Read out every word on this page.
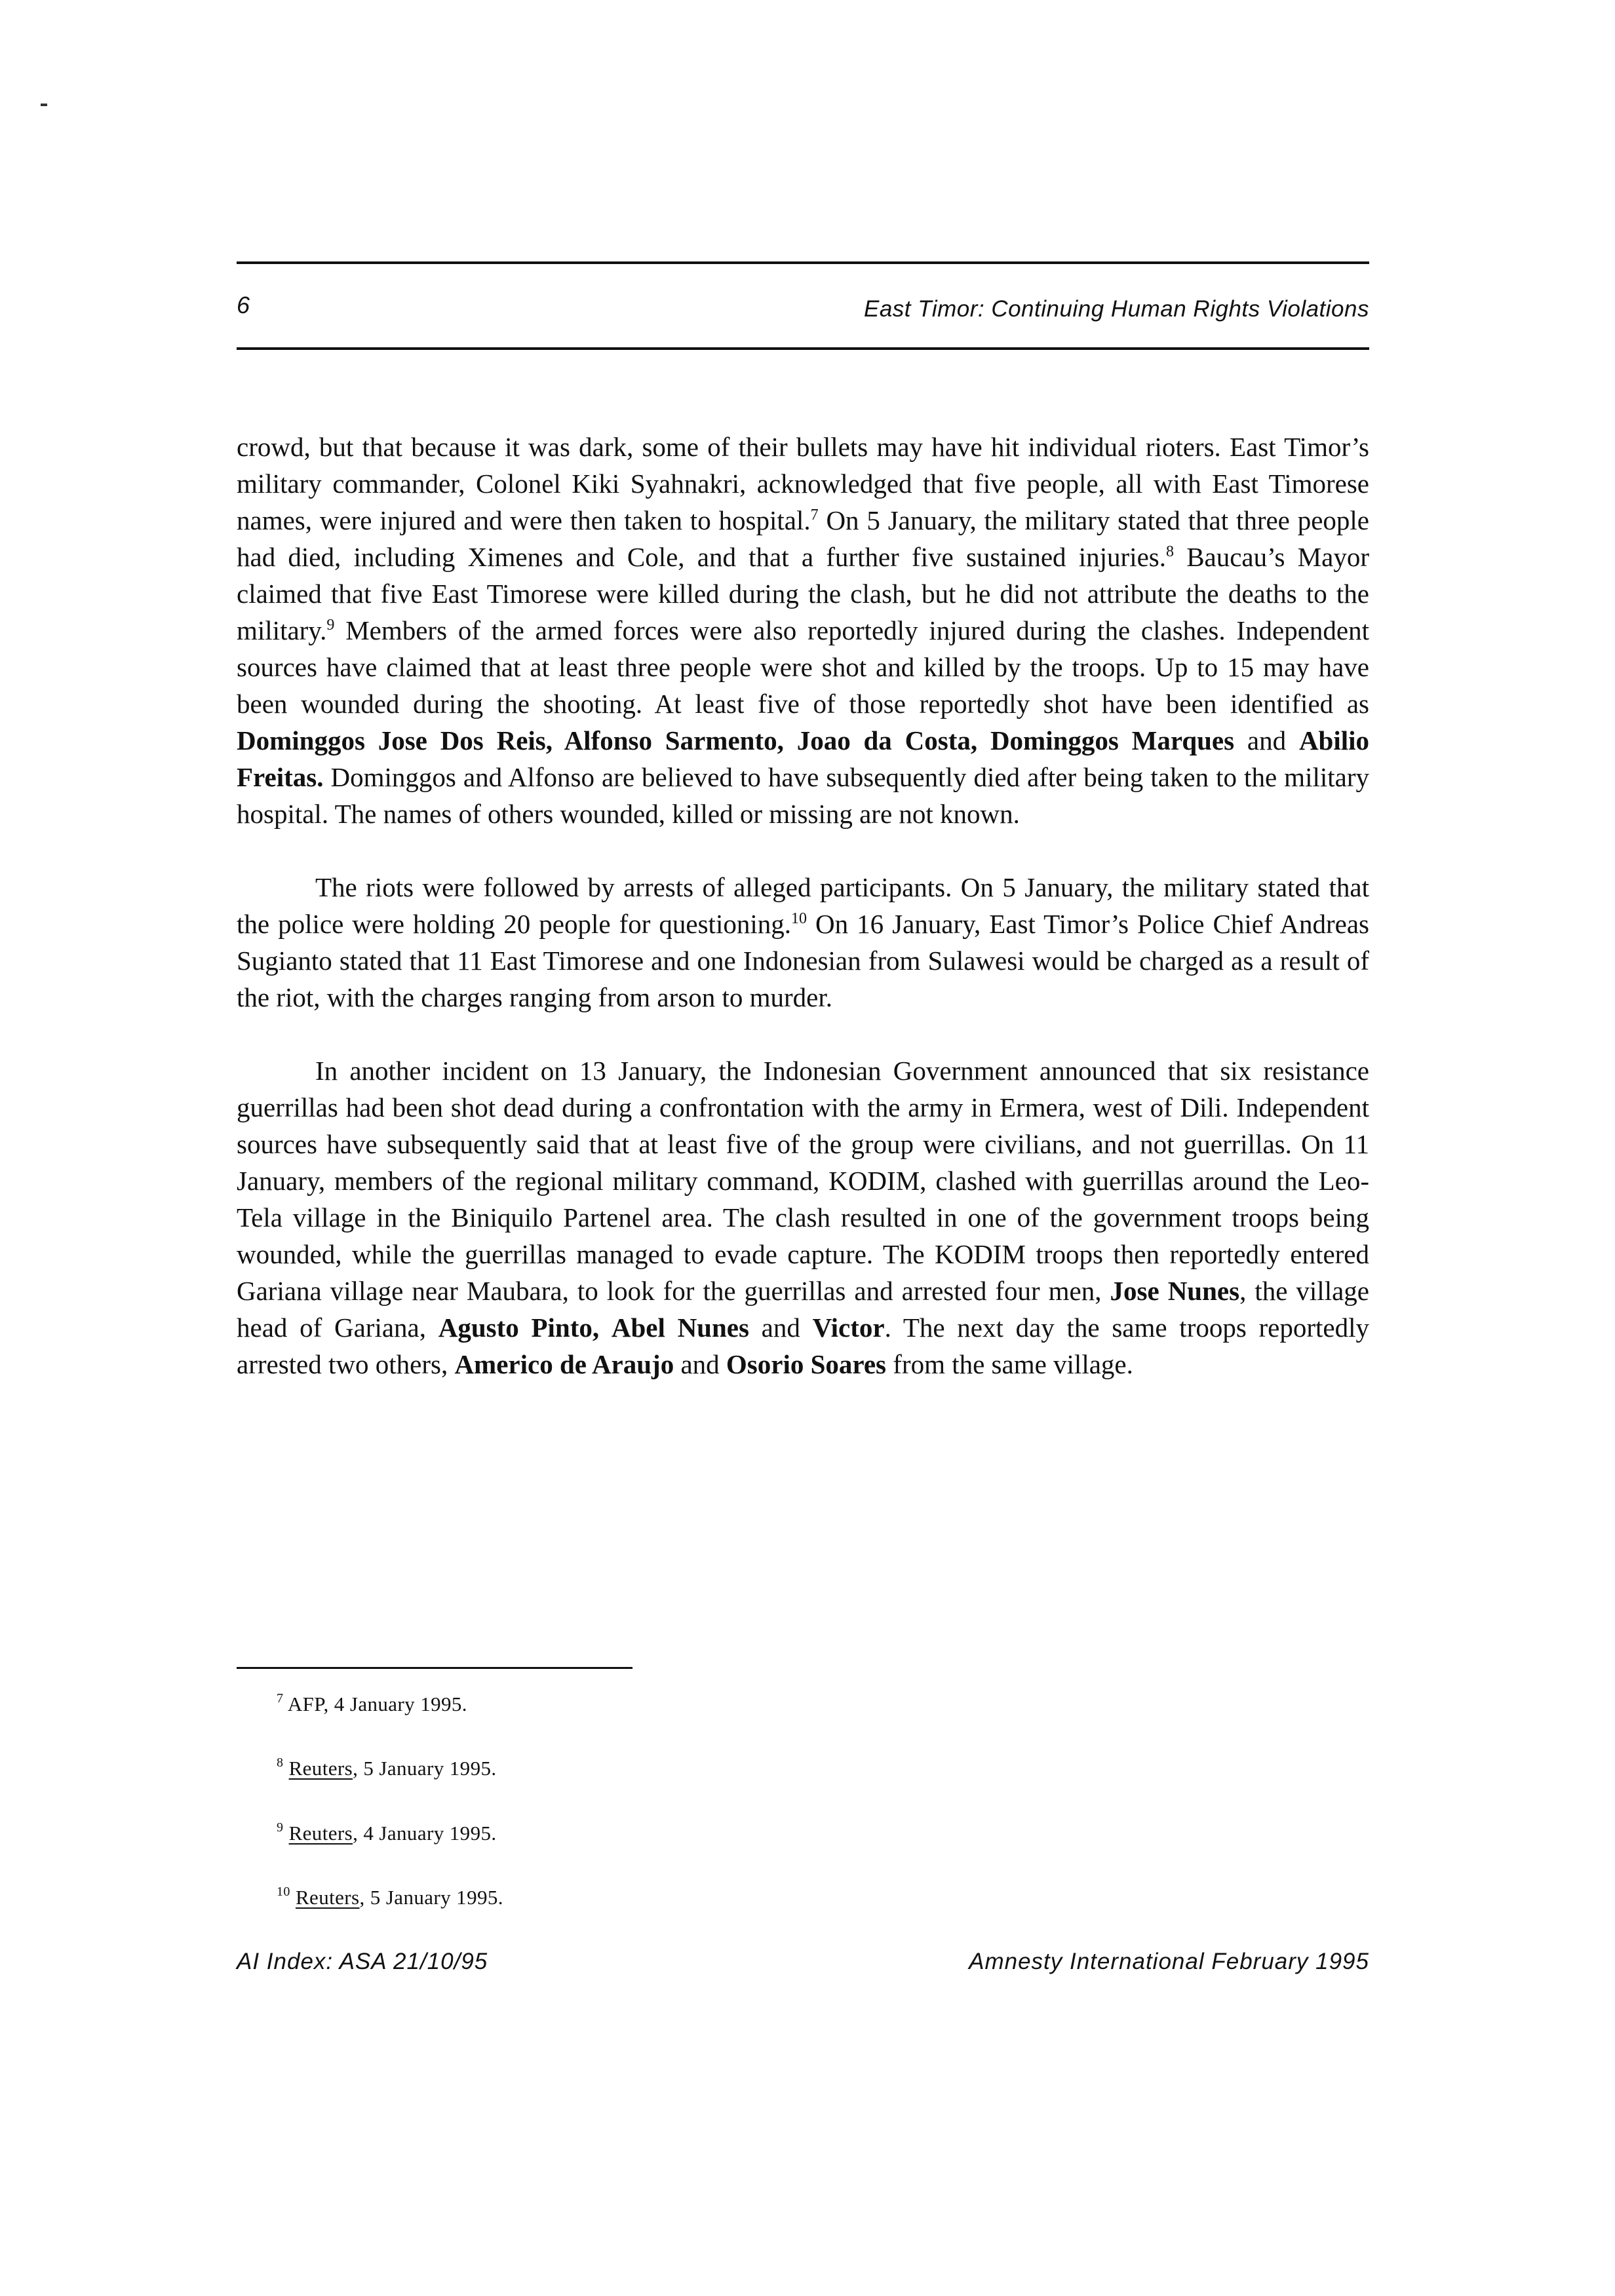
6	East Timor: Continuing Human Rights Violations

crowd, but that because it was dark, some of their bullets may have hit individual rioters. East Timor’s military commander, Colonel Kiki Syahnakri, acknowledged that five people, all with East Timorese names, were injured and were then taken to hospital.$^7$ On 5 January, the military stated that three people had died, including Ximenes and Cole, and that a further five sustained injuries.$^8$ Baucau’s Mayor claimed that five East Timorese were killed during the clash, but he did not attribute the deaths to the military.$^9$ Members of the armed forces were also reportedly injured during the clashes. Independent sources have claimed that at least three people were shot and killed by the troops. Up to 15 may have been wounded during the shooting. At least five of those reportedly shot have been identified as Dominggos Jose Dos Reis, Alfonso Sarmento, Joao da Costa, Dominggos Marques and Abilio Freitas. Dominggos and Alfonso are believed to have subsequently died after being taken to the military hospital. The names of others wounded, killed or missing are not known.

The riots were followed by arrests of alleged participants. On 5 January, the military stated that the police were holding 20 people for questioning.$^{10}$ On 16 January, East Timor’s Police Chief Andreas Sugianto stated that 11 East Timorese and one Indonesian from Sulawesi would be charged as a result of the riot, with the charges ranging from arson to murder.

In another incident on 13 January, the Indonesian Government announced that six resistance guerrillas had been shot dead during a confrontation with the army in Ermera, west of Dili. Independent sources have subsequently said that at least five of the group were civilians, and not guerrillas. On 11 January, members of the regional military command, KODIM, clashed with guerrillas around the Leo-Tela village in the Biniquilo Partenel area. The clash resulted in one of the government troops being wounded, while the guerrillas managed to evade capture. The KODIM troops then reportedly entered Gariana village near Maubara, to look for the guerrillas and arrested four men, Jose Nunes, the village head of Gariana, Agusto Pinto, Abel Nunes and Victor. The next day the same troops reportedly arrested two others, Americo de Araujo and Osorio Soares from the same village.

$^7$ AFP, 4 January 1995.
$^8$ Reuters, 5 January 1995.
$^9$ Reuters, 4 January 1995.
$^{10}$ Reuters, 5 January 1995.
AI Index: ASA 21/10/95	Amnesty International February 1995
